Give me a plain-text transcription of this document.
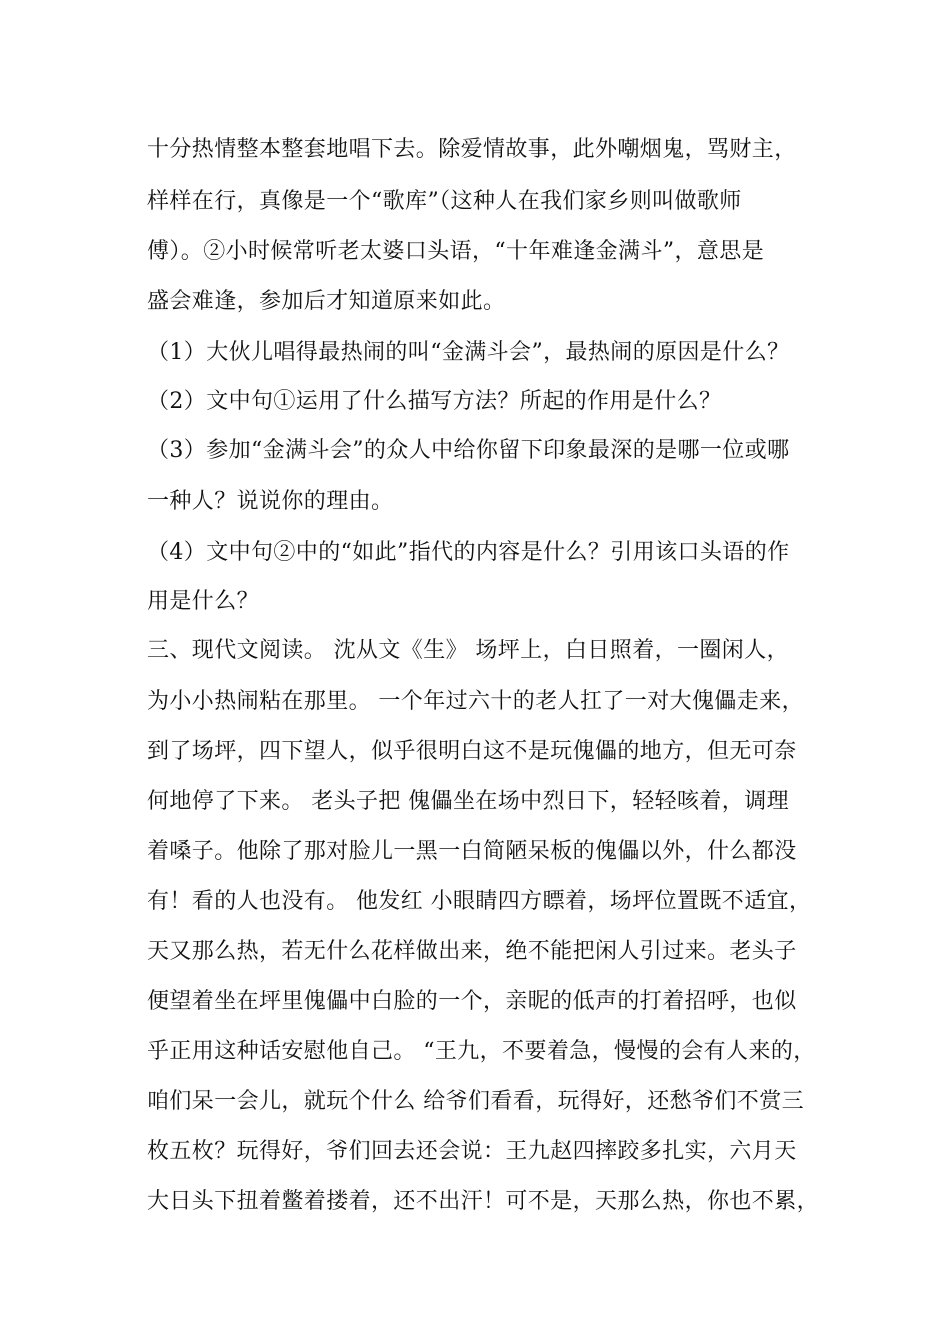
十分热情整本整套地唱下去。除爱情故事，此外嘲烟鬼，骂财主，
样样在行，真像是一个“歌库”（这种人在我们家乡则叫做歌师
傅）。②小时候常听老太婆口头语，“十年难逢金满斗”，意思是
盛会难逢，参加后才知道原来如此。
（1）大伙儿唱得最热闹的叫“金满斗会”，最热闹的原因是什么？
（2）文中句①运用了什么描写方法？所起的作用是什么？
（3）参加“金满斗会”的众人中给你留下印象最深的是哪一位或哪
一种人？说说你的理由。
（4）文中句②中的“如此”指代的内容是什么？引用该口头语的作
用是什么？
三、现代文阅读。 沈从文《生》 场坪上，白日照着，一圈闲人，
为小小热闹粘在那里。 一个年过六十的老人扛了一对大傀儡走来，
到了场坪，四下望人，似乎很明白这不是玩傀儡的地方，但无可奈
何地停了下来。 老头子把 傀儡坐在场中烈日下，轻轻咳着，调理
着嗓子。他除了那对脸儿一黑一白简陋呆板的傀儡以外，什么都没
有！看的人也没有。 他发红 小眼睛四方瞟着，场坪位置既不适宜，
天又那么热，若无什么花样做出来，绝不能把闲人引过来。老头子
便望着坐在坪里傀儡中白脸的一个，亲昵的低声的打着招呼，也似
乎正用这种话安慰他自己。 “王九，不要着急，慢慢的会有人来的，
咱们呆一会儿，就玩个什么 给爷们看看，玩得好，还愁爷们不赏三
枚五枚？玩得好，爷们回去还会说：王九赵四摔跤多扎实，六月天
大日头下扭着鳖着搂着，还不出汗！可不是，天那么热，你也不累，
